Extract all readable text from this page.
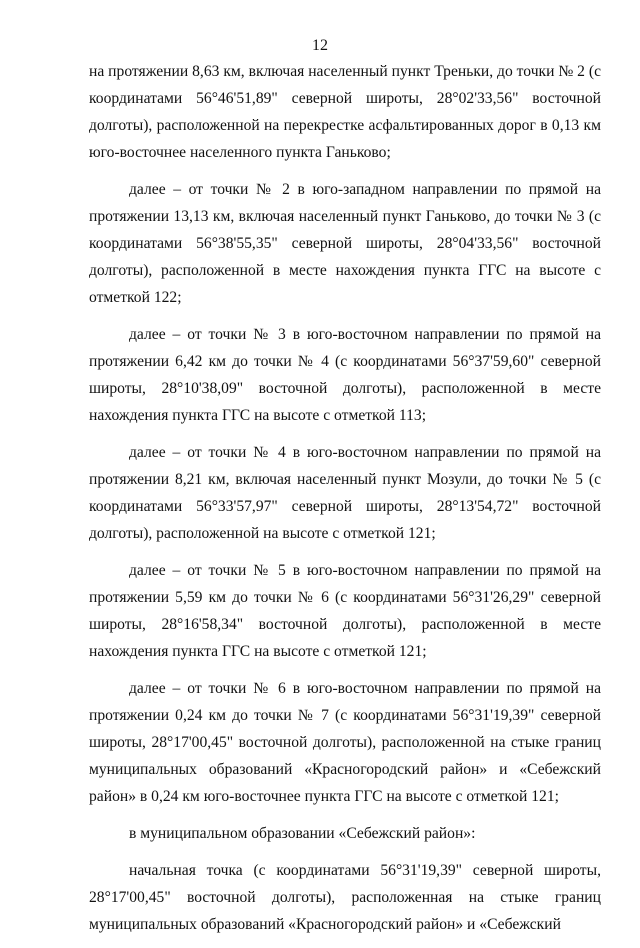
12

на протяжении 8,63 км, включая населенный пункт Треньки, до точки № 2 (с координатами 56°46'51,89" северной широты, 28°02'33,56" восточной долготы), расположенной на перекрестке асфальтированных дорог в 0,13 км юго-восточнее населенного пункта Ганьково;

далее – от точки № 2 в юго-западном направлении по прямой на протяжении 13,13 км, включая населенный пункт Ганьково, до точки № 3 (с координатами 56°38'55,35" северной широты, 28°04'33,56" восточной долготы), расположенной в месте нахождения пункта ГГС на высоте с отметкой 122;

далее – от точки № 3 в юго-восточном направлении по прямой на протяжении 6,42 км до точки № 4 (с координатами 56°37'59,60" северной широты, 28°10'38,09" восточной долготы), расположенной в месте нахождения пункта ГГС на высоте с отметкой 113;

далее – от точки № 4 в юго-восточном направлении по прямой на протяжении 8,21 км, включая населенный пункт Мозули, до точки № 5 (с координатами 56°33'57,97" северной широты, 28°13'54,72" восточной долготы), расположенной на высоте с отметкой 121;

далее – от точки № 5 в юго-восточном направлении по прямой на протяжении 5,59 км до точки № 6 (с координатами 56°31'26,29" северной широты, 28°16'58,34" восточной долготы), расположенной в месте нахождения пункта ГГС на высоте с отметкой 121;

далее – от точки № 6 в юго-восточном направлении по прямой на протяжении 0,24 км до точки № 7 (с координатами 56°31'19,39" северной широты, 28°17'00,45" восточной долготы), расположенной на стыке границ муниципальных образований «Красногородский район» и «Себежский район» в 0,24 км юго-восточнее пункта ГГС на высоте с отметкой 121;

в муниципальном образовании «Себежский район»:

начальная точка (с координатами 56°31'19,39" северной широты, 28°17'00,45" восточной долготы), расположенная на стыке границ муниципальных образований «Красногородский район» и «Себежский
